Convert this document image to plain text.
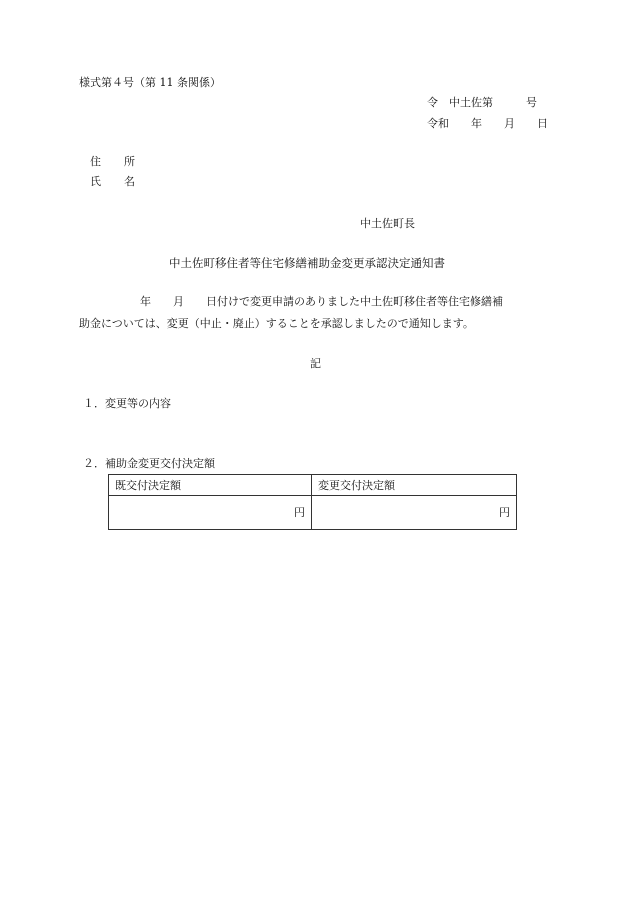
様式第４号（第 11 条関係）
令　中土佐第　　　号
令和　　年　　月　　日
住　所
氏　名
中土佐町長
中土佐町移住者等住宅修繕補助金変更承認決定通知書
年　　月　　日付けで変更申請のありました中土佐町移住者等住宅修繕補
助金については、変更（中止・廃止）することを承認しましたので通知します。
記
１．変更等の内容
２．補助金変更交付決定額
既交付決定額	変更交付決定額
円	円
